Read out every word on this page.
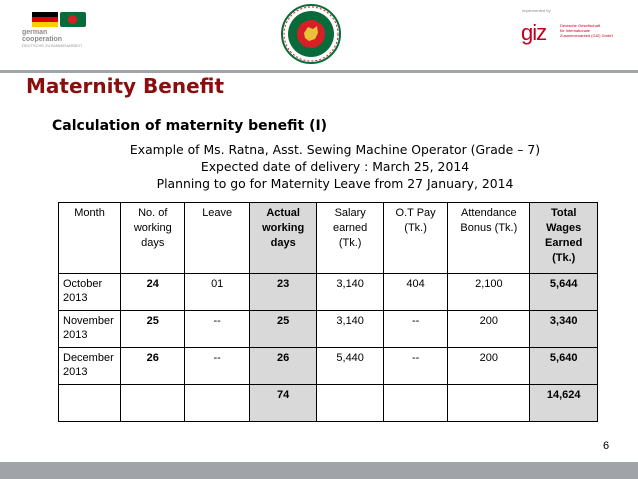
german
cooperation
DEUTSCHE ZUSAMMENARBEIT
Implemented by
giz	Deutsche Gesellschaft
für Internationale
Zusammenarbeit (GIZ) GmbH
Maternity Benefit
Calculation of maternity benefit (I)
Example of Ms. Ratna, Asst. Sewing Machine Operator (Grade – 7)
Expected date of delivery : March 25, 2014
Planning to go for Maternity Leave from 27 January, 2014
Month	No. of working days	Leave	Actual working days	Salary earned (Tk.)	O.T Pay (Tk.)	Attendance Bonus (Tk.)	Total Wages Earned (Tk.)
October 2013	24	01	23	3,140	404	2,100	5,644
November 2013	25	--	25	3,140	--	200	3,340
December 2013	26	--	26	5,440	--	200	5,640
			74				14,624
6
